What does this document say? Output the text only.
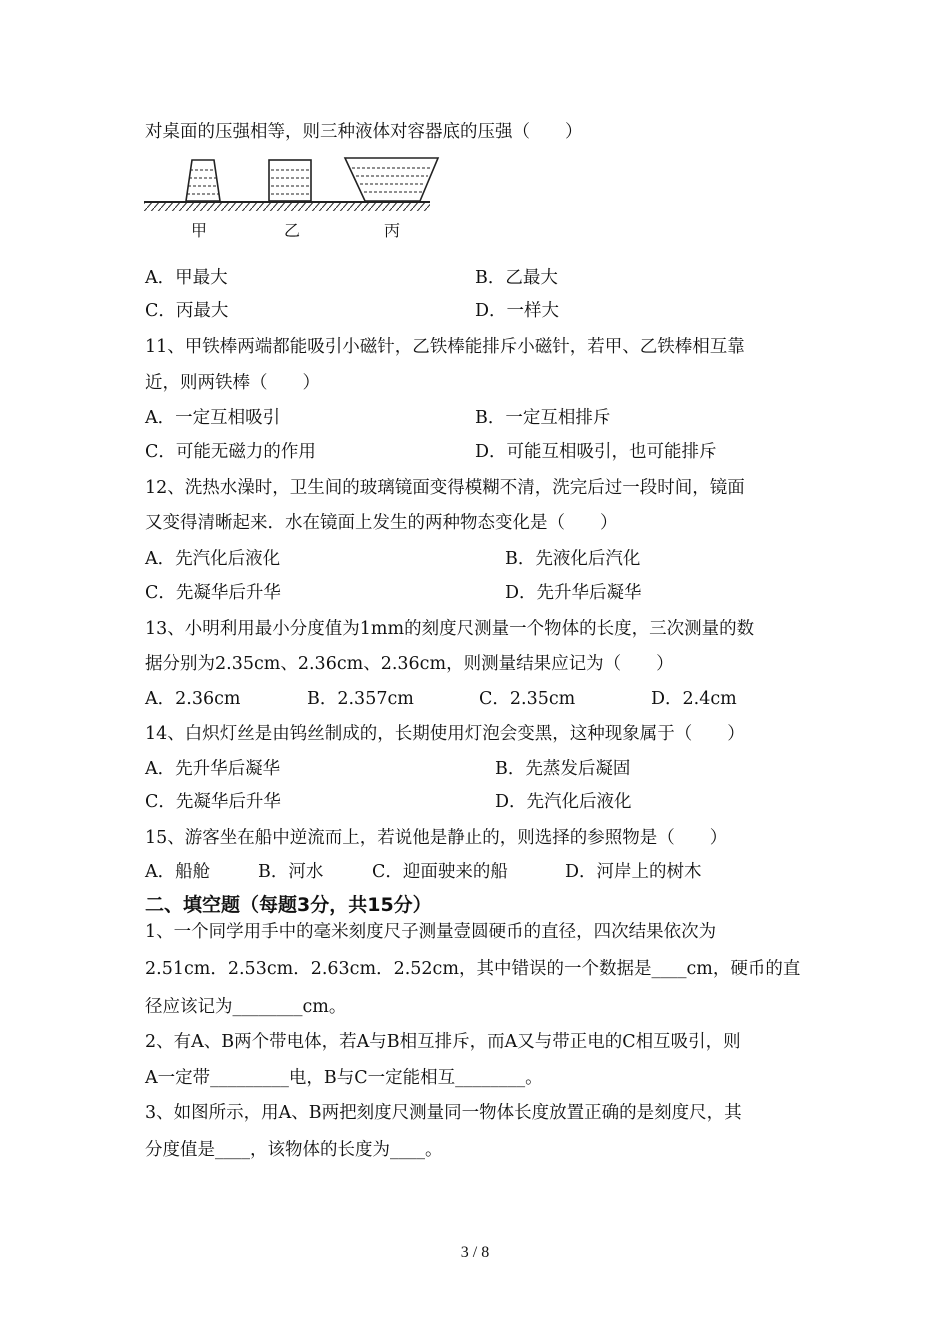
对桌面的压强相等，则三种液体对容器底的压强（　　）
甲	乙	丙
A．甲最大	B．乙最大
C．丙最大	D．一样大
11、甲铁棒两端都能吸引小磁针，乙铁棒能排斥小磁针，若甲、乙铁棒相互靠
近，则两铁棒（　　）
A．一定互相吸引	B．一定互相排斥
C．可能无磁力的作用	D．可能互相吸引，也可能排斥
12、洗热水澡时，卫生间的玻璃镜面变得模糊不清，洗完后过一段时间，镜面
又变得清晰起来．水在镜面上发生的两种物态变化是（　　）
A．先汽化后液化	B．先液化后汽化
C．先凝华后升华	D．先升华后凝华
13、小明利用最小分度值为1mm的刻度尺测量一个物体的长度，三次测量的数
据分别为2.35cm、2.36cm、2.36cm，则测量结果应记为（　　）
A．2.36cm	B．2.357cm	C．2.35cm	D．2.4cm
14、白炽灯丝是由钨丝制成的，长期使用灯泡会变黑，这种现象属于（　　）
A．先升华后凝华	B．先蒸发后凝固
C．先凝华后升华	D．先汽化后液化
15、游客坐在船中逆流而上，若说他是静止的，则选择的参照物是（　　）
A．船舱	B．河水	C．迎面驶来的船	D．河岸上的树木
二、填空题（每题3分，共15分）
1、一个同学用手中的毫米刻度尺子测量壹圆硬币的直径，四次结果依次为
2.51cm．2.53cm．2.63cm．2.52cm，其中错误的一个数据是____cm，硬币的直
径应该记为________cm。
2、有A、B两个带电体，若A与B相互排斥，而A又与带正电的C相互吸引，则
A一定带_________电，B与C一定能相互________。
3、如图所示，用A、B两把刻度尺测量同一物体长度放置正确的是刻度尺，其
分度值是____，该物体的长度为____。
3 / 8
